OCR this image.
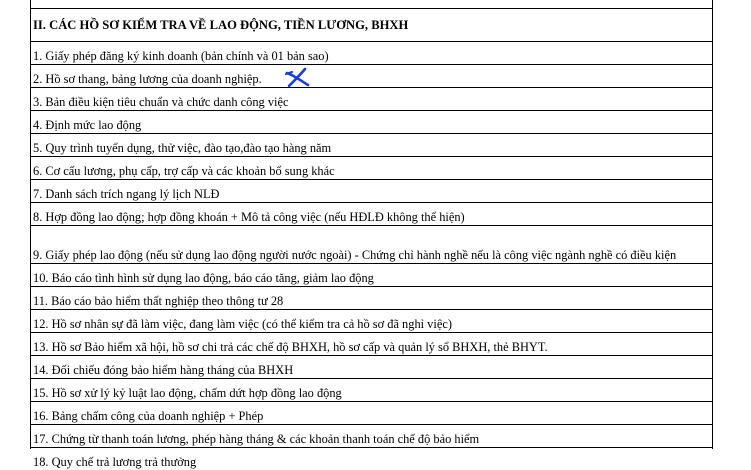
II. CÁC HỒ SƠ KIỂM TRA VỀ LAO ĐỘNG, TIỀN LƯƠNG, BHXH
1. Giấy phép đăng ký kinh doanh (bản chính và 01 bản sao)
2. Hồ sơ thang, bảng lương của doanh nghiệp.
3. Bản điều kiện tiêu chuẩn và chức danh công việc
4. Định mức lao động
5. Quy trình tuyển dụng, thử việc, đào tạo,đào tạo hàng năm
6. Cơ cấu lương, phụ cấp, trợ cấp và các khoản bổ sung khác
7. Danh sách trích ngang lý lịch NLĐ
8. Hợp đồng lao động; hợp đồng khoán + Mô tả công việc (nếu HĐLĐ không thể hiện)
9. Giấy phép lao động (nếu sử dụng lao động người nước ngoài) - Chứng chỉ hành nghề nếu là công việc ngành nghề có điều kiện
10. Báo cáo tình hình sử dụng lao động, báo cáo tăng, giảm lao động
11. Báo cáo bảo hiểm thất nghiệp theo thông tư 28
12. Hồ sơ nhân sự đã làm việc, đang làm việc (có thể kiểm tra cả hồ sơ đã nghỉ việc)
13. Hồ sơ Bảo hiểm xã hội, hồ sơ chi trả các chế độ BHXH, hồ sơ cấp và quản lý sổ BHXH, thẻ BHYT.
14. Đối chiếu đóng bảo hiểm hàng tháng của BHXH
15. Hồ sơ xử lý kỷ luật lao động, chấm dứt hợp đồng lao động
16. Bảng chấm công của doanh nghiệp + Phép
17. Chứng từ thanh toán lương, phép hàng tháng & các khoản thanh toán chế độ bảo hiểm
18. Quy chế trả lương trả thưởng
